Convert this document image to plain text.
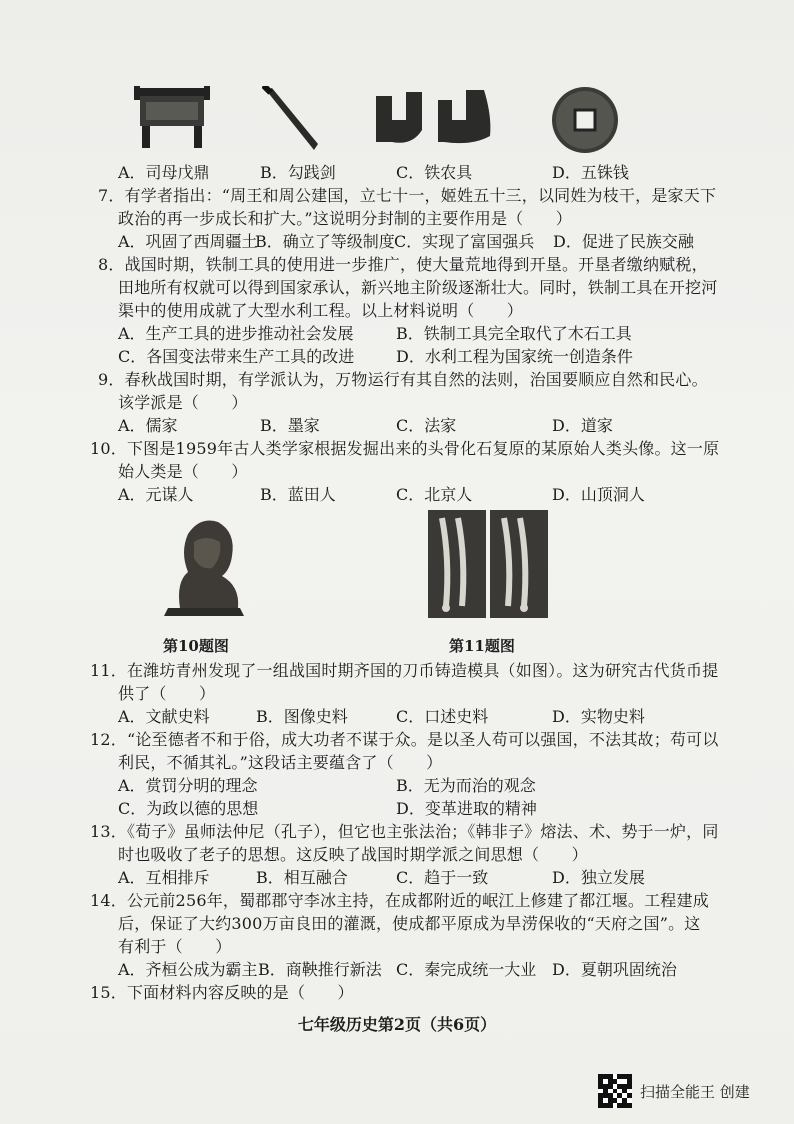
A．司母戊鼎	B．勾践剑	C．铁农具	D．五铢钱
7．有学者指出：“周王和周公建国，立七十一，姬姓五十三，以同姓为枝干，是家天下
政治的再一步成长和扩大。”这说明分封制的主要作用是（　　）
A．巩固了西周疆土
B．确立了等级制度 C．实现了富国强兵 D．促进了民族交融
8．战国时期，铁制工具的使用进一步推广，使大量荒地得到开垦。开垦者缴纳赋税，
田地所有权就可以得到国家承认，新兴地主阶级逐渐壮大。同时，铁制工具在开挖河
渠中的使用成就了大型水利工程。以上材料说明（　　）
A．生产工具的进步推动社会发展	B．铁制工具完全取代了木石工具
C．各国变法带来生产工具的改进	D．水利工程为国家统一创造条件
9．春秋战国时期，有学派认为，万物运行有其自然的法则，治国要顺应自然和民心。
该学派是（　　）
A．儒家	B．墨家	C．法家	D．道家
10．下图是1959年古人类学家根据发掘出来的头骨化石复原的某原始人类头像。这一原
始人类是（　　）
A．元谋人	B．蓝田人	C．北京人	D．山顶洞人
第10题图	第11题图
11．在潍坊青州发现了一组战国时期齐国的刀币铸造模具（如图）。这为研究古代货币提
供了（　　）
A．文献史料	B．图像史料	C．口述史料	D．实物史料
12．“论至德者不和于俗，成大功者不谋于众。是以圣人苟可以强国，不法其故；苟可以
利民，不循其礼。”这段话主要蕴含了（　　）
A．赏罚分明的理念	B．无为而治的观念
C．为政以德的思想	D．变革进取的精神
13．《荀子》虽师法仲尼（孔子），但它也主张法治；《韩非子》熔法、术、势于一炉，同
时也吸收了老子的思想。这反映了战国时期学派之间思想（　　）
A．互相排斥	B．相互融合	C．趋于一致	D．独立发展
14．公元前256年，蜀郡郡守李冰主持，在成都附近的岷江上修建了都江堰。工程建成
后，保证了大约300万亩良田的灌溉，使成都平原成为旱涝保收的“天府之国”。这
有利于（　　）
A．齐桓公成为霸主 B．商鞅推行新法 C．秦完成统一大业 D．夏朝巩固统治
15．下面材料内容反映的是（　　）
七年级历史第2页（共6页）
扫描全能王 创建
